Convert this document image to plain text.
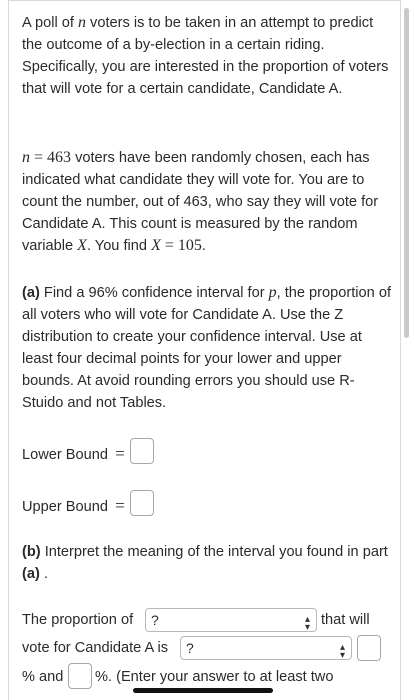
A poll of n voters is to be taken in an attempt to predict the outcome of a by-election in a certain riding. Specifically, you are interested in the proportion of voters that will vote for a certain candidate, Candidate A.
n = 463 voters have been randomly chosen, each has indicated what candidate they will vote for. You are to count the number, out of 463, who say they will vote for Candidate A. This count is measured by the random variable X. You find X = 105.
(a) Find a 96% confidence interval for p, the proportion of all voters who will vote for Candidate A. Use the Z distribution to create your confidence interval. Use at least four decimal points for your lower and upper bounds. At avoid rounding errors you should use R-Stuido and not Tables.
Lower Bound =
Upper Bound =
(b) Interpret the meaning of the interval you found in part (a) .
The proportion of	?	▴
▾ that will
vote for Candidate A is	?	▴
▾
% and %. (Enter your answer to at least two
